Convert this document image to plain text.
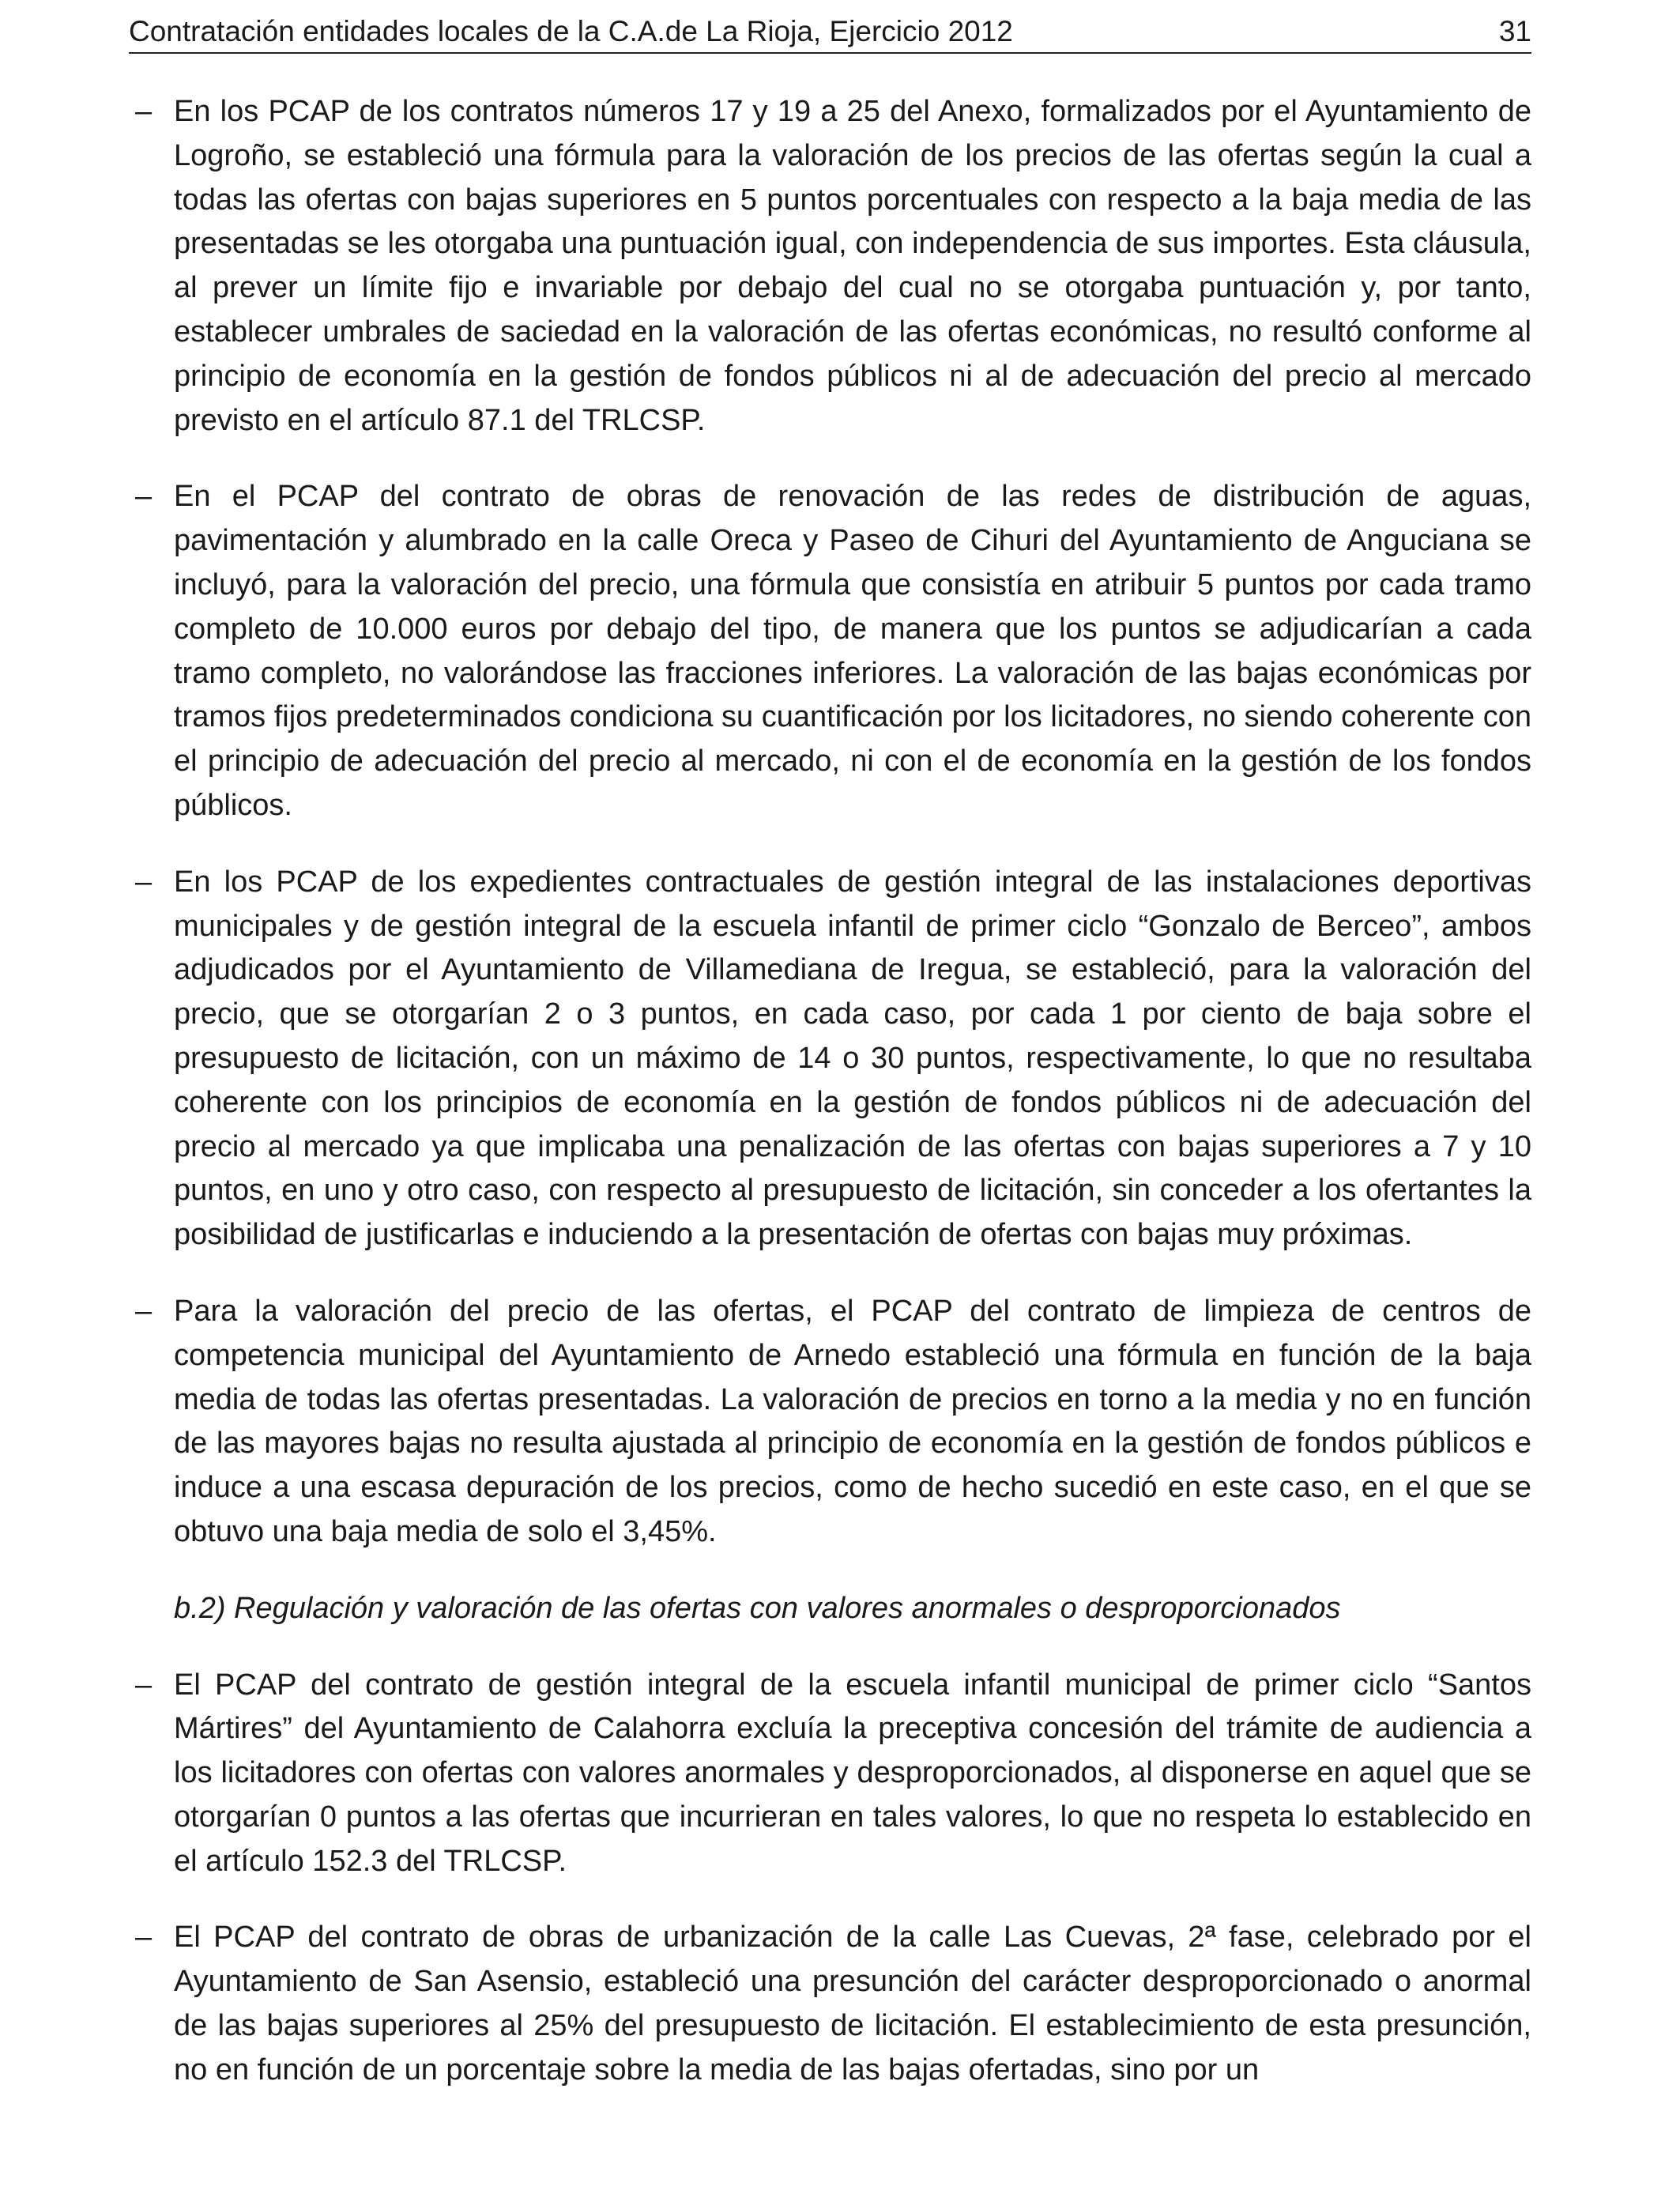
Contratación entidades locales de la C.A.de La Rioja, Ejercicio 2012	31
– En los PCAP de los contratos números 17 y 19 a 25 del Anexo, formalizados por el Ayuntamiento de Logroño, se estableció una fórmula para la valoración de los precios de las ofertas según la cual a todas las ofertas con bajas superiores en 5 puntos porcentuales con respecto a la baja media de las presentadas se les otorgaba una puntuación igual, con independencia de sus importes. Esta cláusula, al prever un límite fijo e invariable por debajo del cual no se otorgaba puntuación y, por tanto, establecer umbrales de saciedad en la valoración de las ofertas económicas, no resultó conforme al principio de economía en la gestión de fondos públicos ni al de adecuación del precio al mercado previsto en el artículo 87.1 del TRLCSP.
– En el PCAP del contrato de obras de renovación de las redes de distribución de aguas, pavimentación y alumbrado en la calle Oreca y Paseo de Cihuri del Ayuntamiento de Anguciana se incluyó, para la valoración del precio, una fórmula que consistía en atribuir 5 puntos por cada tramo completo de 10.000 euros por debajo del tipo, de manera que los puntos se adjudicarían a cada tramo completo, no valorándose las fracciones inferiores. La valoración de las bajas económicas por tramos fijos predeterminados condiciona su cuantificación por los licitadores, no siendo coherente con el principio de adecuación del precio al mercado, ni con el de economía en la gestión de los fondos públicos.
– En los PCAP de los expedientes contractuales de gestión integral de las instalaciones deportivas municipales y de gestión integral de la escuela infantil de primer ciclo “Gonzalo de Berceo”, ambos adjudicados por el Ayuntamiento de Villamediana de Iregua, se estableció, para la valoración del precio, que se otorgarían 2 o 3 puntos, en cada caso, por cada 1 por ciento de baja sobre el presupuesto de licitación, con un máximo de 14 o 30 puntos, respectivamente, lo que no resultaba coherente con los principios de economía en la gestión de fondos públicos ni de adecuación del precio al mercado ya que implicaba una penalización de las ofertas con bajas superiores a 7 y 10 puntos, en uno y otro caso, con respecto al presupuesto de licitación, sin conceder a los ofertantes la posibilidad de justificarlas e induciendo a la presentación de ofertas con bajas muy próximas.
– Para la valoración del precio de las ofertas, el PCAP del contrato de limpieza de centros de competencia municipal del Ayuntamiento de Arnedo estableció una fórmula en función de la baja media de todas las ofertas presentadas. La valoración de precios en torno a la media y no en función de las mayores bajas no resulta ajustada al principio de economía en la gestión de fondos públicos e induce a una escasa depuración de los precios, como de hecho sucedió en este caso, en el que se obtuvo una baja media de solo el 3,45%.
b.2) Regulación y valoración de las ofertas con valores anormales o desproporcionados
– El PCAP del contrato de gestión integral de la escuela infantil municipal de primer ciclo “Santos Mártires” del Ayuntamiento de Calahorra excluía la preceptiva concesión del trámite de audiencia a los licitadores con ofertas con valores anormales y desproporcionados, al disponerse en aquel que se otorgarían 0 puntos a las ofertas que incurrieran en tales valores, lo que no respeta lo establecido en el artículo 152.3 del TRLCSP.
– El PCAP del contrato de obras de urbanización de la calle Las Cuevas, 2ª fase, celebrado por el Ayuntamiento de San Asensio, estableció una presunción del carácter desproporcionado o anormal de las bajas superiores al 25% del presupuesto de licitación. El establecimiento de esta presunción, no en función de un porcentaje sobre la media de las bajas ofertadas, sino por un
